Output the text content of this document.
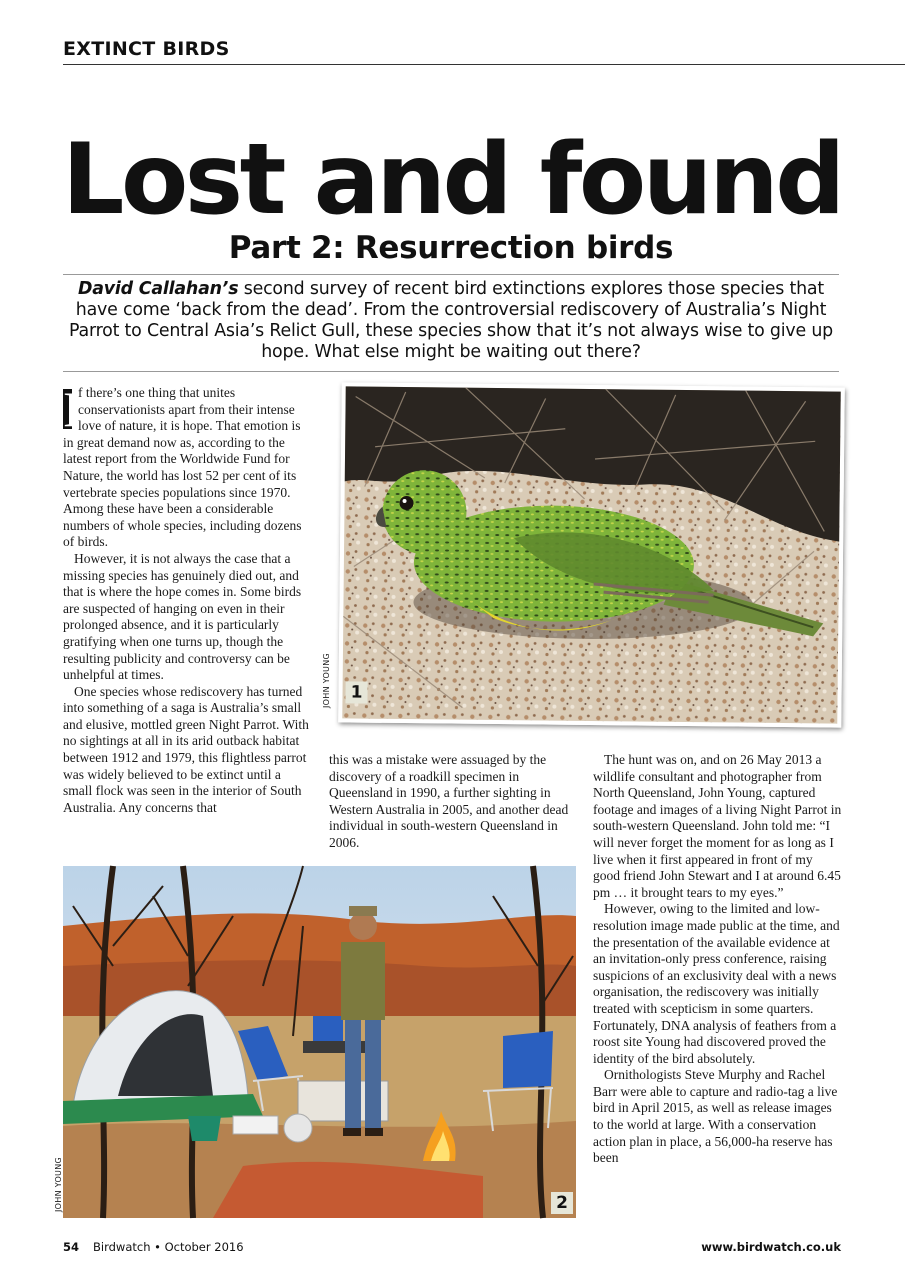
EXTINCT BIRDS
Lost and found
Part 2: Resurrection birds
David Callahan’s second survey of recent bird extinctions explores those species that have come ‘back from the dead’. From the controversial rediscovery of Australia’s Night Parrot to Central Asia’s Relict Gull, these species show that it’s not always wise to give up hope. What else might be waiting out there?

I
f there’s one thing that unites conservationists apart from their intense love of nature, it is hope. That emotion is in great demand now as, according to the latest report from the Worldwide Fund for Nature, the world has lost 52 per cent of its vertebrate species populations since 1970. Among these have been a considerable numbers of whole species, including dozens of birds.

However, it is not always the case that a missing species has genuinely died out, and that is where the hope comes in. Some birds are suspected of hanging on even in their prolonged absence, and it is particularly gratifying when one turns up, though the resulting publicity and controversy can be unhelpful at times.

One species whose rediscovery has turned into something of a saga is Australia’s small and elusive, mottled green Night Parrot. With no sightings at all in its arid outback habitat between 1912 and 1979, this flightless parrot was widely believed to be extinct until a small flock was seen in the interior of South Australia. Any concerns that

1
JOHN YOUNG

this was a mistake were assuaged by the discovery of a roadkill specimen in Queensland in 1990, a further sighting in Western Australia in 2005, and another dead individual in south-western Queensland in 2006.

The hunt was on, and on 26 May 2013 a wildlife consultant and photographer from North Queensland, John Young, captured footage and images of a living Night Parrot in south-western Queensland. John told me: “I will never forget the moment for as long as I live when it first appeared in front of my good friend John Stewart and I at around 6.45 pm … it brought tears to my eyes.”

However, owing to the limited and low-resolution image made public at the time, and the presentation of the available evidence at an invitation-only press conference, raising suspicions of an exclusivity deal with a news organisation, the rediscovery was initially treated with scepticism in some quarters. Fortunately, DNA analysis of feathers from a roost site Young had discovered proved the identity of the bird absolutely.

Ornithologists Steve Murphy and Rachel Barr were able to capture and radio-tag a live bird in April 2015, as well as release images to the world at large. With a conservation action plan in place, a 56,000-ha reserve has been

2
JOHN YOUNG
54 Birdwatch • October 2016	www.birdwatch.co.uk
